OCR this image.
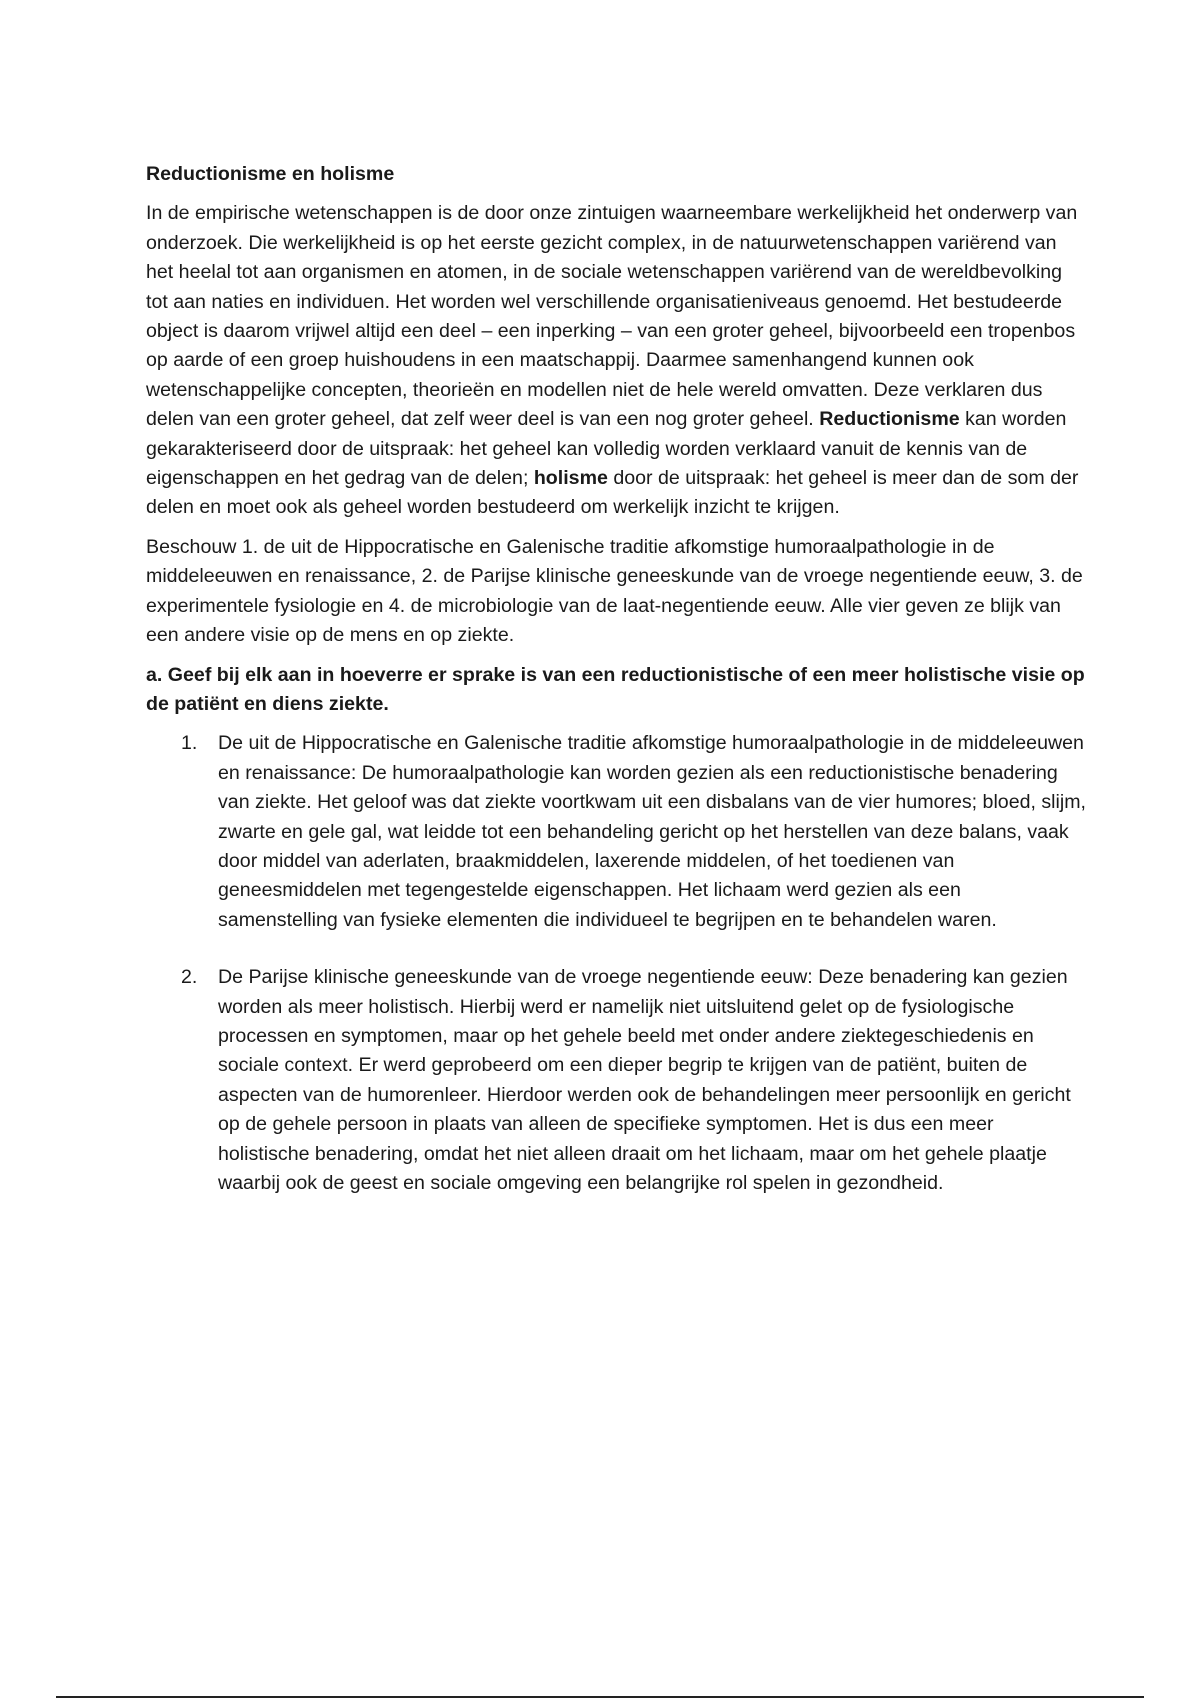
Reductionisme en holisme

In de empirische wetenschappen is de door onze zintuigen waarneembare werkelijkheid het onderwerp van onderzoek. Die werkelijkheid is op het eerste gezicht complex, in de natuurwetenschappen variërend van het heelal tot aan organismen en atomen, in de sociale wetenschappen variërend van de wereldbevolking tot aan naties en individuen. Het worden wel verschillende organisatieniveaus genoemd. Het bestudeerde object is daarom vrijwel altijd een deel – een inperking – van een groter geheel, bijvoorbeeld een tropenbos op aarde of een groep huishoudens in een maatschappij. Daarmee samenhangend kunnen ook wetenschappelijke concepten, theorieën en modellen niet de hele wereld omvatten. Deze verklaren dus delen van een groter geheel, dat zelf weer deel is van een nog groter geheel. Reductionisme kan worden gekarakteriseerd door de uitspraak: het geheel kan volledig worden verklaard vanuit de kennis van de eigenschappen en het gedrag van de delen; holisme door de uitspraak: het geheel is meer dan de som der delen en moet ook als geheel worden bestudeerd om werkelijk inzicht te krijgen.

Beschouw 1. de uit de Hippocratische en Galenische traditie afkomstige humoraalpathologie in de middeleeuwen en renaissance, 2. de Parijse klinische geneeskunde van de vroege negentiende eeuw, 3. de experimentele fysiologie en 4. de microbiologie van de laat-negentiende eeuw. Alle vier geven ze blijk van een andere visie op de mens en op ziekte.

a. Geef bij elk aan in hoeverre er sprake is van een reductionistische of een meer holistische visie op de patiënt en diens ziekte.

1. De uit de Hippocratische en Galenische traditie afkomstige humoraalpathologie in de middeleeuwen en renaissance: De humoraalpathologie kan worden gezien als een reductionistische benadering van ziekte. Het geloof was dat ziekte voortkwam uit een disbalans van de vier humores; bloed, slijm, zwarte en gele gal, wat leidde tot een behandeling gericht op het herstellen van deze balans, vaak door middel van aderlaten, braakmiddelen, laxerende middelen, of het toedienen van geneesmiddelen met tegengestelde eigenschappen. Het lichaam werd gezien als een samenstelling van fysieke elementen die individueel te begrijpen en te behandelen waren.
2. De Parijse klinische geneeskunde van de vroege negentiende eeuw: Deze benadering kan gezien worden als meer holistisch. Hierbij werd er namelijk niet uitsluitend gelet op de fysiologische processen en symptomen, maar op het gehele beeld met onder andere ziektegeschiedenis en sociale context. Er werd geprobeerd om een dieper begrip te krijgen van de patiënt, buiten de aspecten van de humorenleer. Hierdoor werden ook de behandelingen meer persoonlijk en gericht op de gehele persoon in plaats van alleen de specifieke symptomen. Het is dus een meer holistische benadering, omdat het niet alleen draait om het lichaam, maar om het gehele plaatje waarbij ook de geest en sociale omgeving een belangrijke rol spelen in gezondheid.
